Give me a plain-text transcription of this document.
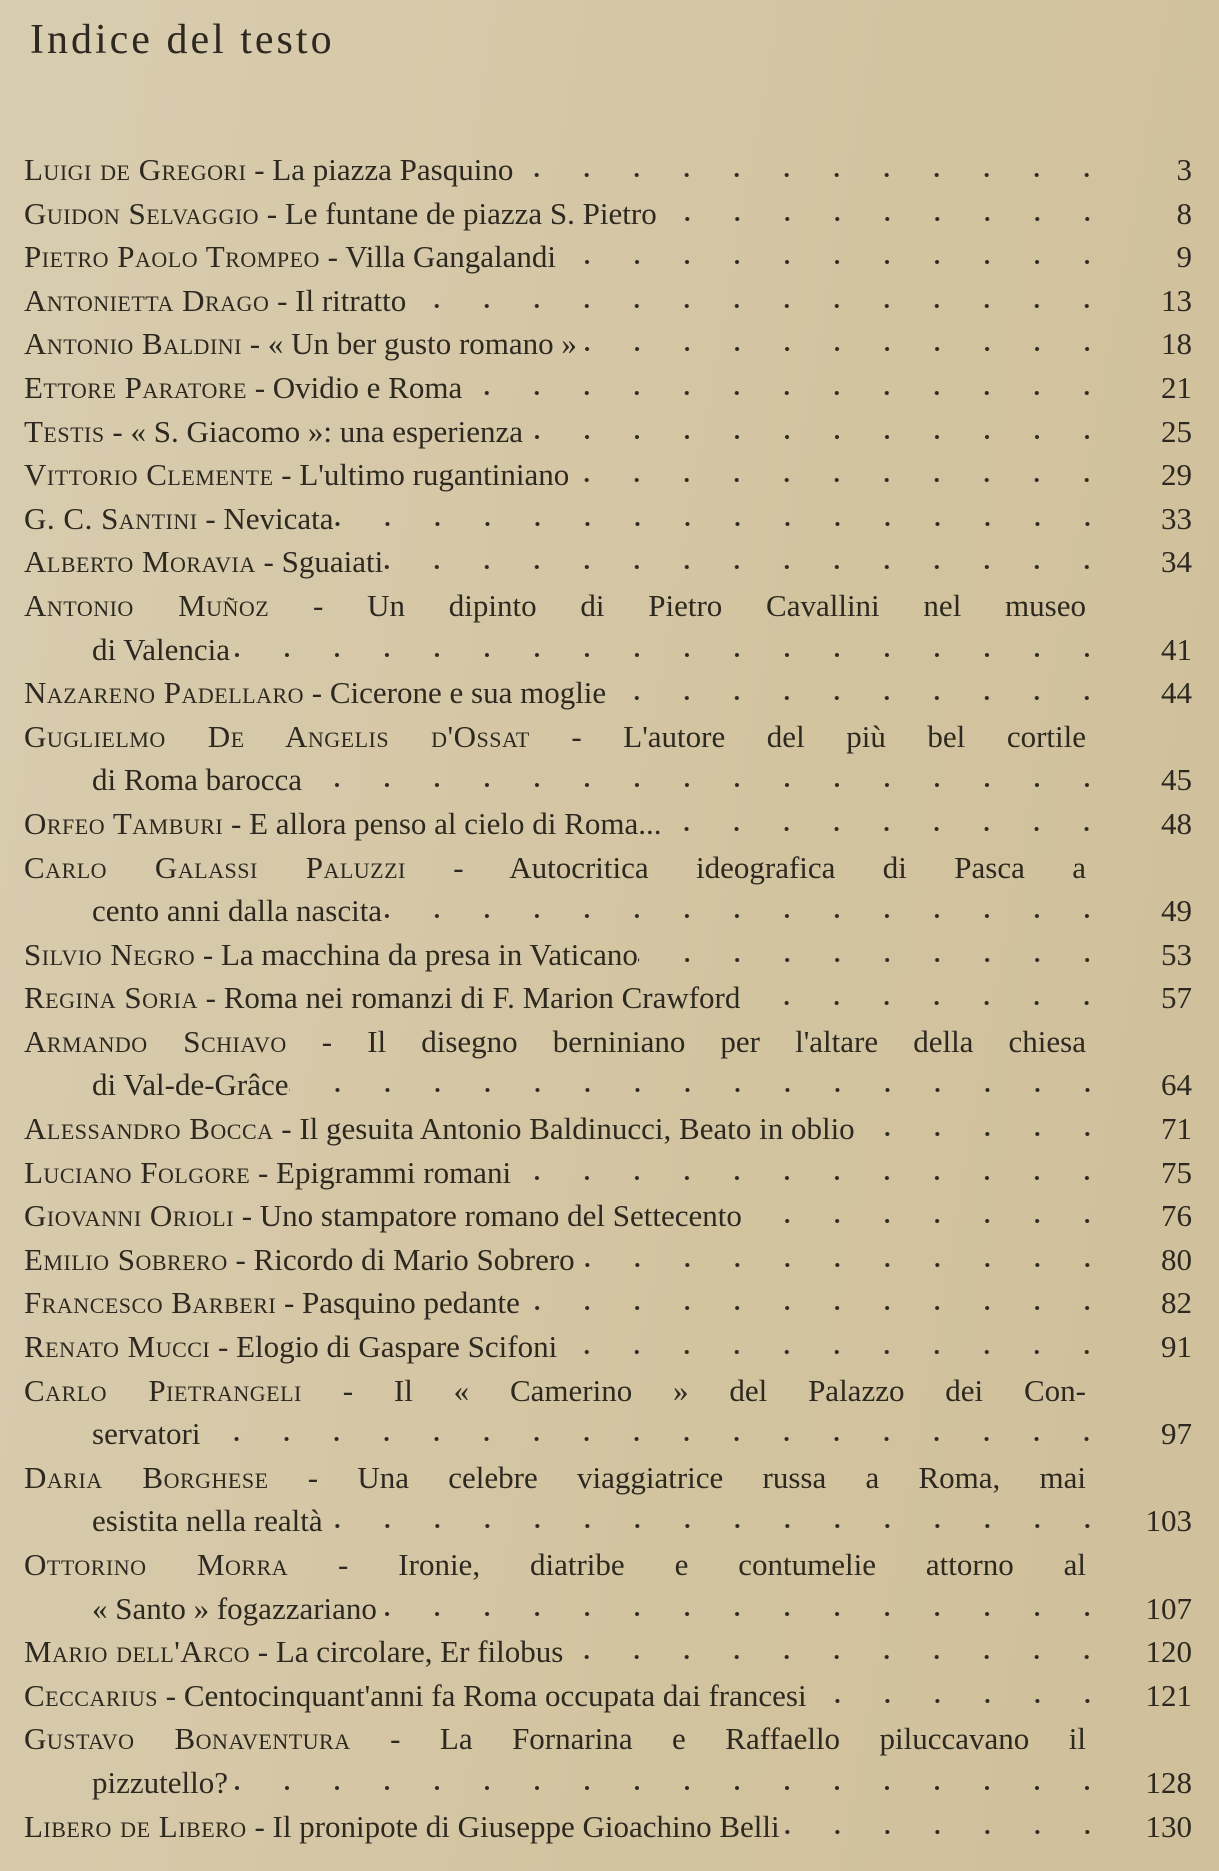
Indice del testo
Luigi de Gregori - La piazza Pasquino	3
Guidon Selvaggio - Le funtane de piazza S. Pietro	8
Pietro Paolo Trompeo - Villa Gangalandi	9
Antonietta Drago - Il ritratto	13
Antonio Baldini - « Un ber gusto romano »	18
Ettore Paratore - Ovidio e Roma	21
Testis - « S. Giacomo »: una esperienza	25
Vittorio Clemente - L'ultimo rugantiniano	29
G. C. Santini - Nevicata	33
Alberto Moravia - Sguaiati	34
Antonio Muñoz - Un dipinto di Pietro Cavallini nel museo
di Valencia	41
Nazareno Padellaro - Cicerone e sua moglie	44
Guglielmo De Angelis d'Ossat - L'autore del più bel cortile
di Roma barocca	45
Orfeo Tamburi - E allora penso al cielo di Roma...	48
Carlo Galassi Paluzzi - Autocritica ideografica di Pasca a
cento anni dalla nascita	49
Silvio Negro - La macchina da presa in Vaticano	53
Regina Soria - Roma nei romanzi di F. Marion Crawford	57
Armando Schiavo - Il disegno berniniano per l'altare della chiesa
di Val-de-Grâce	64
Alessandro Bocca - Il gesuita Antonio Baldinucci, Beato in oblio	71
Luciano Folgore - Epigrammi romani	75
Giovanni Orioli - Uno stampatore romano del Settecento	76
Emilio Sobrero - Ricordo di Mario Sobrero	80
Francesco Barberi - Pasquino pedante	82
Renato Mucci - Elogio di Gaspare Scifoni	91
Carlo Pietrangeli - Il « Camerino » del Palazzo dei Con-
servatori	97
Daria Borghese - Una celebre viaggiatrice russa a Roma, mai
esistita nella realtà	103
Ottorino Morra - Ironie, diatribe e contumelie attorno al
« Santo » fogazzariano	107
Mario dell'Arco - La circolare, Er filobus	120
Ceccarius - Centocinquant'anni fa Roma occupata dai francesi	121
Gustavo Bonaventura - La Fornarina e Raffaello piluccavano il
pizzutello?	128
Libero de Libero - Il pronipote di Giuseppe Gioachino Belli	130
